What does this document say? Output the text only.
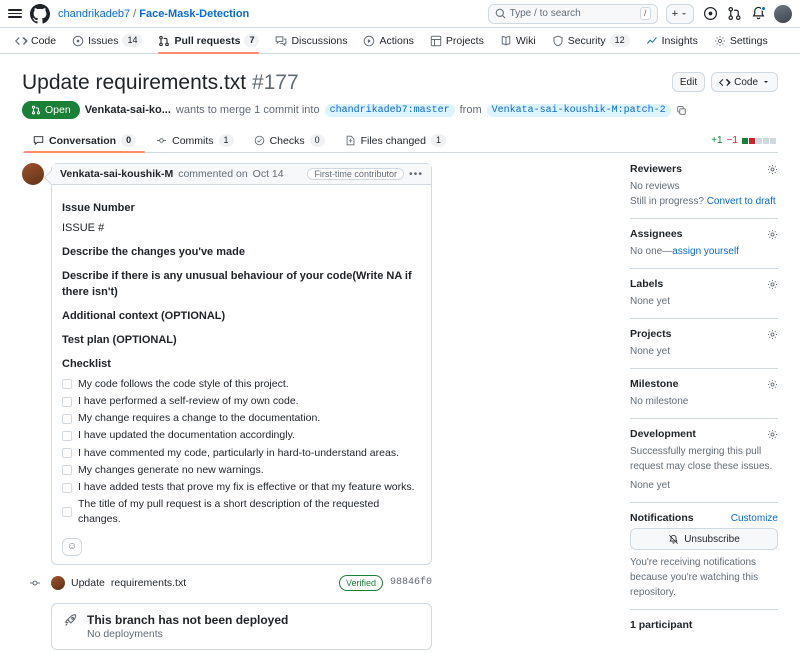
chandrikadeb7 / Face-Mask-Detection	Type / to search	/	+
Code	Issues	14	Pull requests	7	Discussions	Actions	Projects	Wiki	Security	12	Insights	Settings
Update requirements.txt #177	Edit	Code
Open Venkata-sai-ko... wants to merge 1 commit into	chandrikadeb7:master from	Venkata-sai-koushik-M:patch-2
Conversation	0	Commits	1	Checks	0	Files changed	1	+1 −1
Venkata-sai-koushik-M commented on Oct 14	First-time contributor	•••
Issue Number

ISSUE #

Describe the changes you've made
Describe if there is any unusual behaviour of your code(Write NA if there isn't)
Additional context (OPTIONAL)
Test plan (OPTIONAL)
Checklist
My code follows the code style of this project.
I have performed a self-review of my own code.
My change requires a change to the documentation.
I have updated the documentation accordingly.
I have commented my code, particularly in hard-to-understand areas.
My changes generate no new warnings.
I have added tests that prove my fix is effective or that my feature works.
The title of my pull request is a short description of the requested changes.
☺
Update requirements.txt	Verified	98846f0
This branch has not been deployed
No deployments
Reviewers
No reviews
Still in progress? Convert to draft
Assignees
No one—assign yourself
Labels
None yet
Projects
None yet
Milestone
No milestone
Development
Successfully merging this pull request may close these issues.
None yet
Notifications	Customize
Unsubscribe
You're receiving notifications because you're watching this repository.
1 participant
